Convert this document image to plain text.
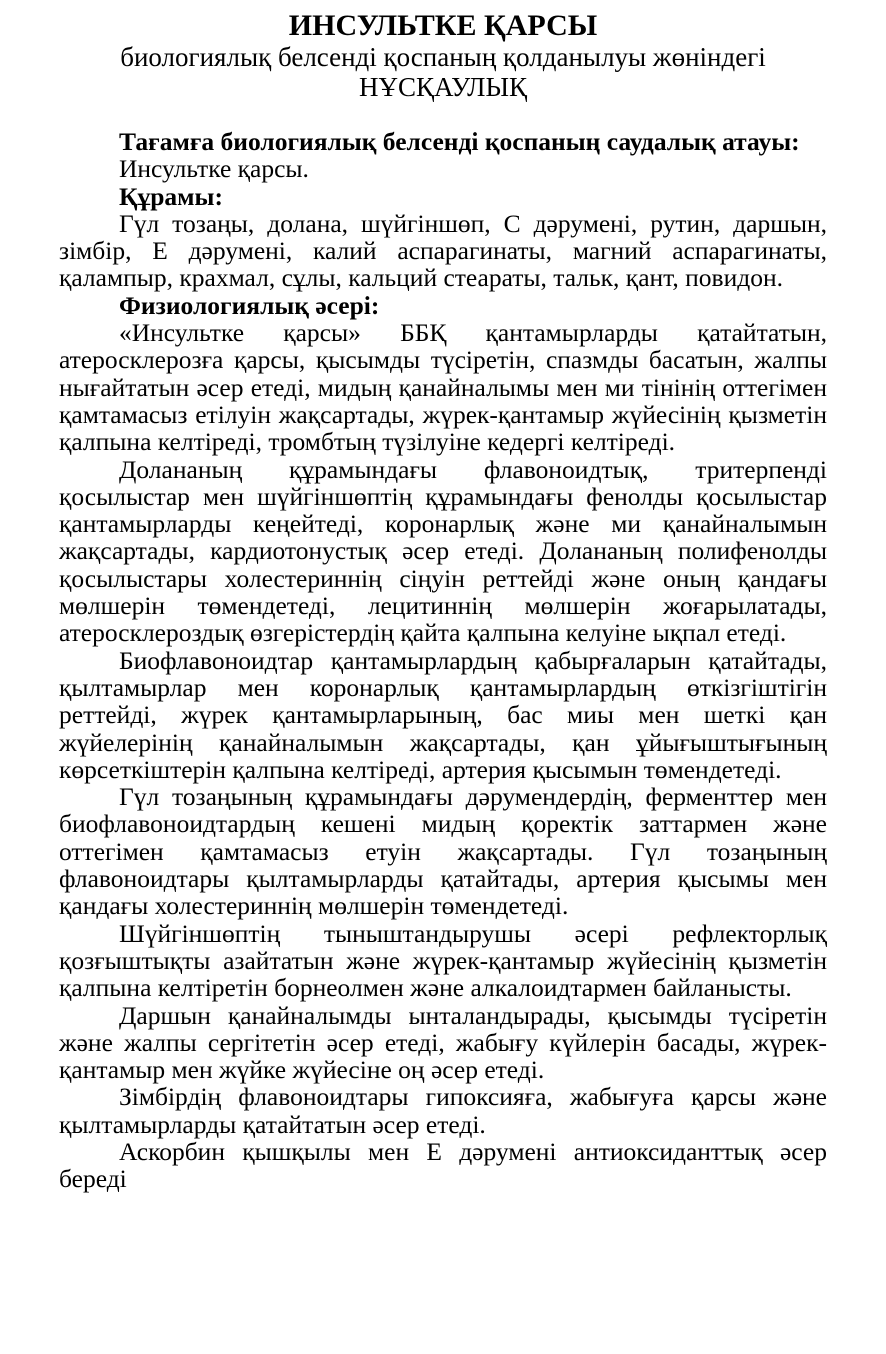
ИНСУЛЬТКЕ ҚАРСЫ

биологиялық белсенді қоспаның қолданылуы жөніндегі

НҰСҚАУЛЫҚ

Тағамға биологиялық белсенді қоспаның саудалық атауы:

Инсультке қарсы.

Құрамы:

Гүл тозаңы, долана, шүйгіншөп, С дәрумені, рутин, даршын, зімбір, Е дәрумені, калий аспарагинаты, магний аспарагинаты, қалампыр, крахмал, сұлы, кальций стеараты, тальк, қант, повидон.

Физиологиялық әсері:

«Инсультке қарсы» ББҚ қантамырларды қатайтатын, атеросклерозға қарсы, қысымды түсіретін, спазмды басатын, жалпы нығайтатын әсер етеді, мидың қанайналымы мен ми тінінің оттегімен қамтамасыз етілуін жақсартады, жүрек-қантамыр жүйесінің қызметін қалпына келтіреді, тромбтың түзілуіне кедергі келтіреді.

Долананың құрамындағы флавоноидтық, тритерпенді қосылыстар мен шүйгіншөптің құрамындағы фенолды қосылыстар қантамырларды кеңейтеді, коронарлық және ми қанайналымын жақсартады, кардиотонустық әсер етеді. Долананың полифенолды қосылыстары холестериннің сіңуін реттейді және оның қандағы мөлшерін төмендетеді, лецитиннің мөлшерін жоғарылатады, атеросклероздық өзгерістердің қайта қалпына келуіне ықпал етеді.

Биофлавоноидтар қантамырлардың қабырғаларын қатайтады, қылтамырлар мен коронарлық қантамырлардың өткізгіштігін реттейді, жүрек қантамырларының, бас миы мен шеткі қан жүйелерінің қанайналымын жақсартады, қан ұйығыштығының көрсеткіштерін қалпына келтіреді, артерия қысымын төмендетеді.

Гүл тозаңының құрамындағы дәрумендердің, ферменттер мен биофлавоноидтардың кешені мидың қоректік заттармен және оттегімен қамтамасыз етуін жақсартады. Гүл тозаңының флавоноидтары қылтамырларды қатайтады, артерия қысымы мен қандағы холестериннің мөлшерін төмендетеді.

Шүйгіншөптің тыныштандырушы әсері рефлекторлық қозғыштықты азайтатын және жүрек-қантамыр жүйесінің қызметін қалпына келтіретін борнеолмен және алкалоидтармен байланысты.

Даршын қанайналымды ынталандырады, қысымды түсіретін және жалпы сергітетін әсер етеді, жабығу күйлерін басады, жүрек-қантамыр мен жүйке жүйесіне оң әсер етеді.

Зімбірдің флавоноидтары гипоксияға, жабығуға қарсы және қылтамырларды қатайтатын әсер етеді.

Аскорбин қышқылы мен Е дәрумені антиоксиданттық әсер береді
